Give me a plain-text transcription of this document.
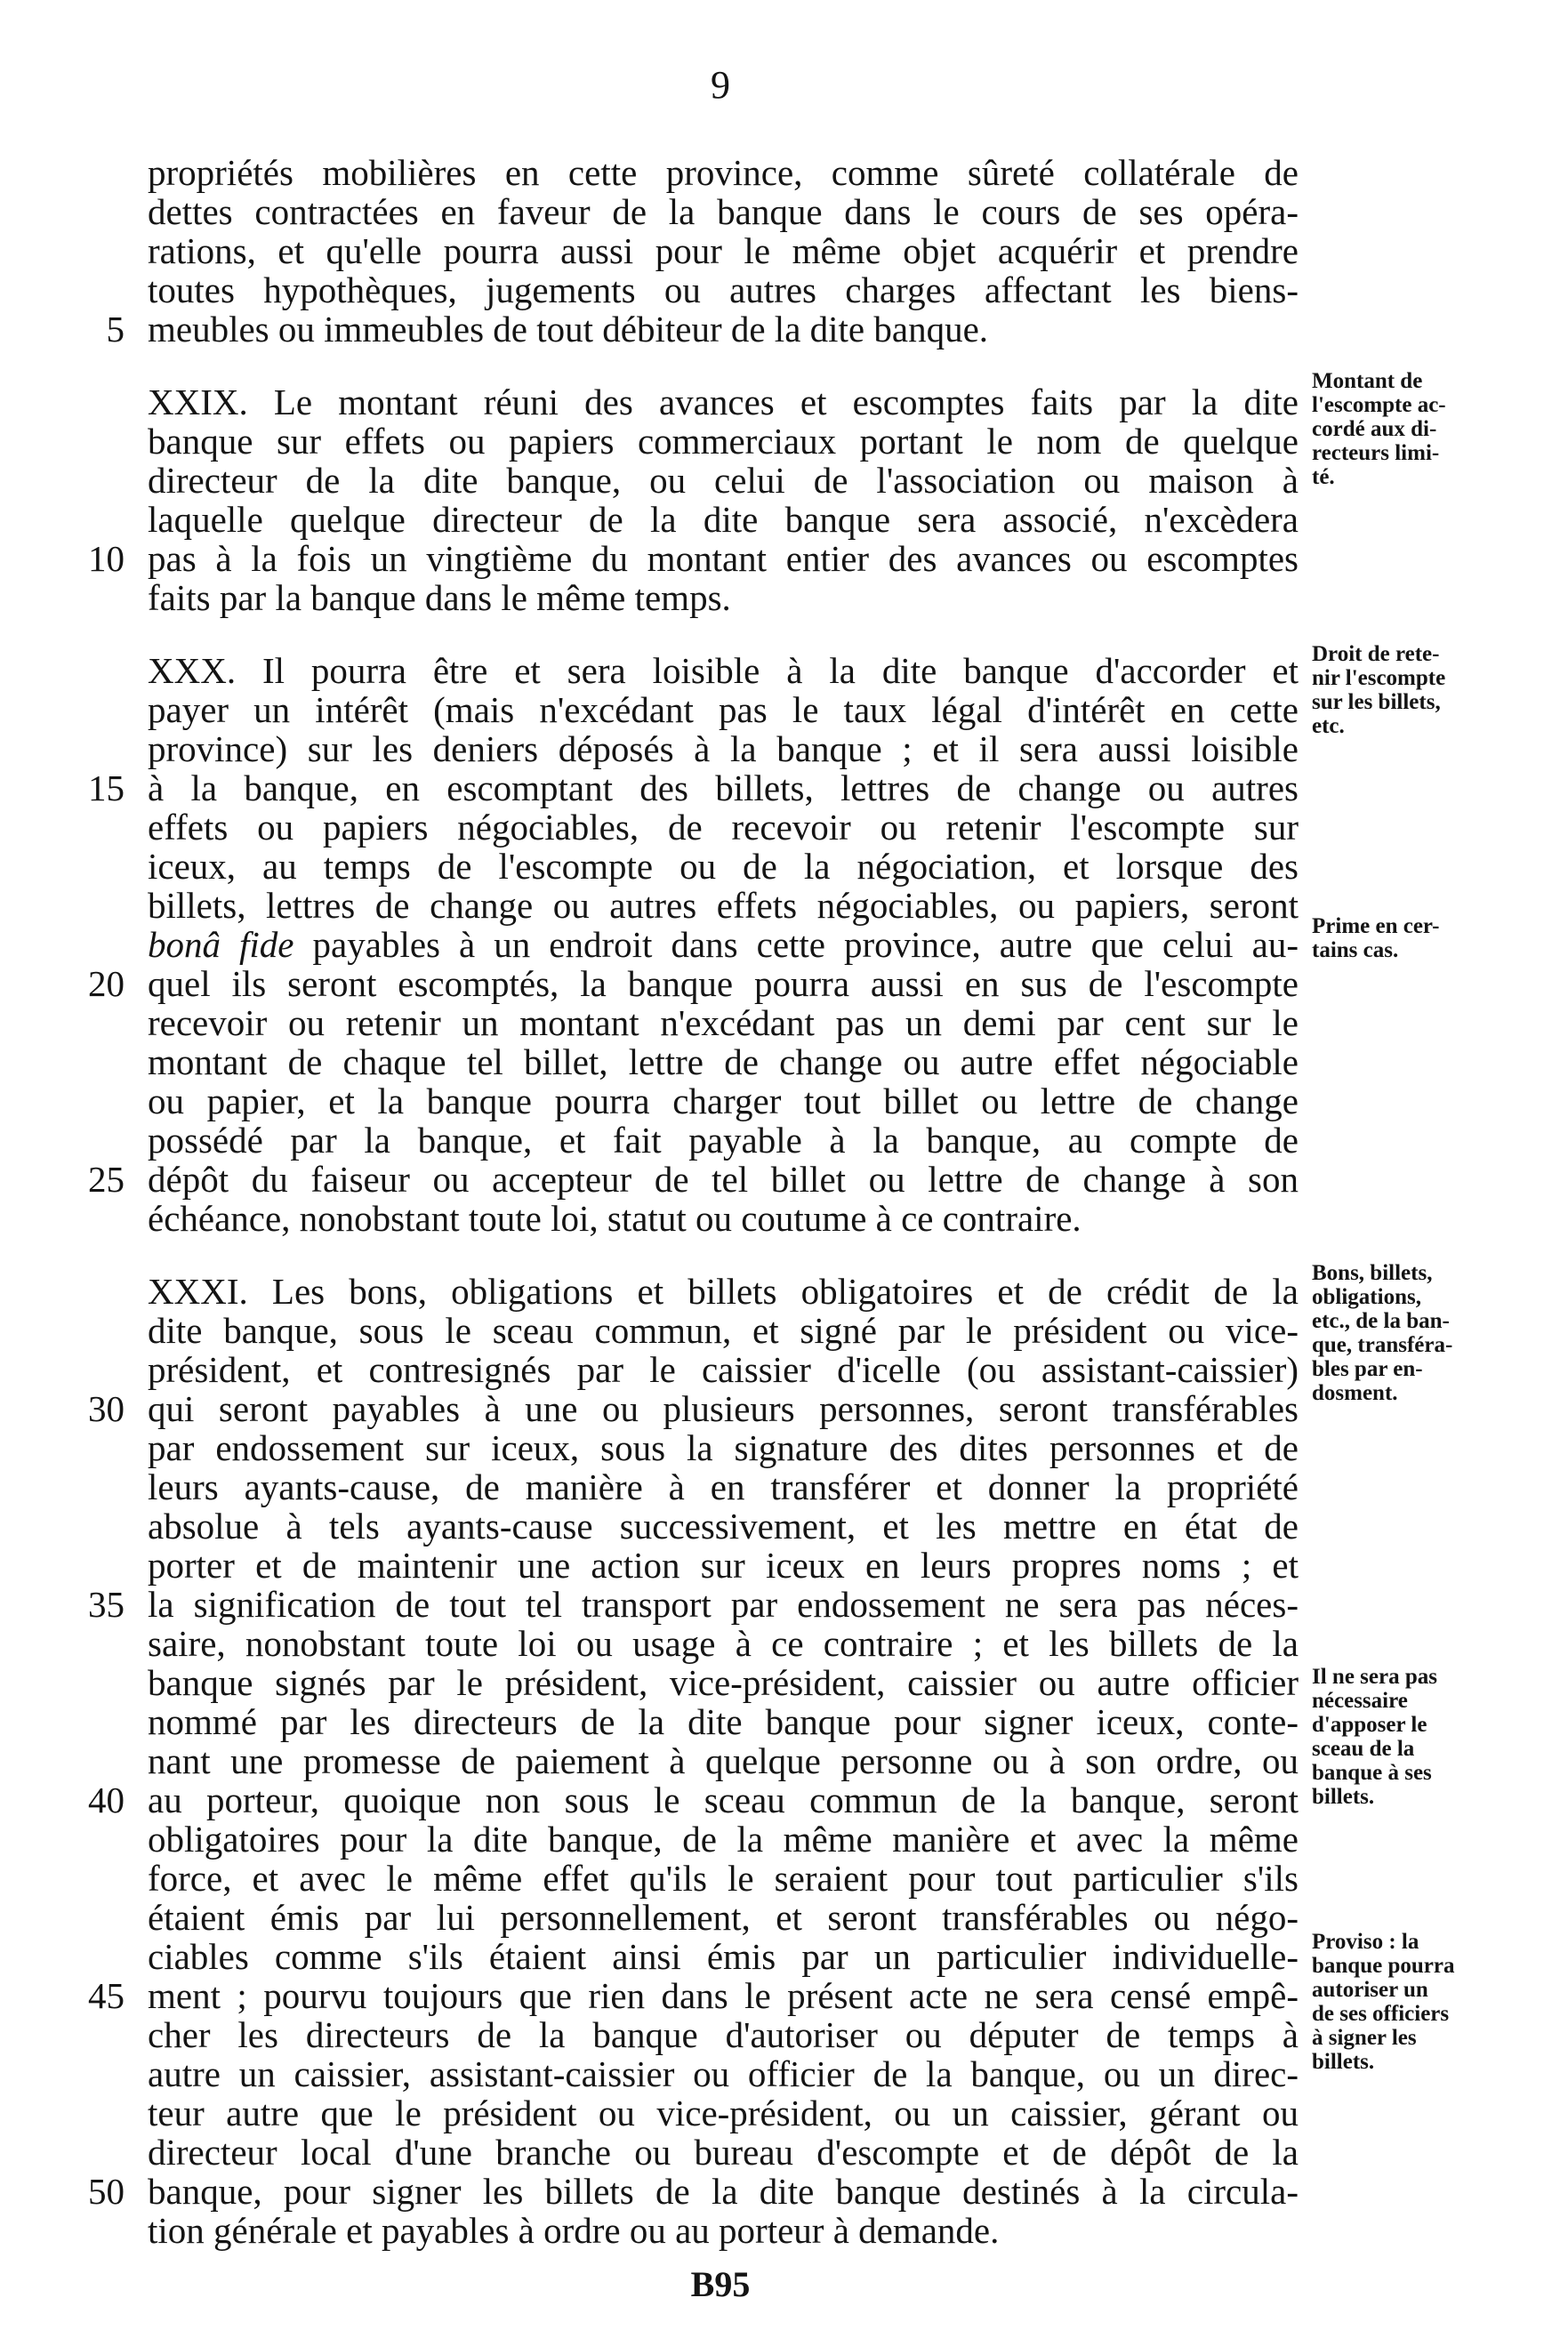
9
propriétés mobilières en cette province, comme sûreté collatérale de
dettes contractées en faveur de la banque dans le cours de ses opéra-
rations, et qu'elle pourra aussi pour le même objet acquérir et prendre
toutes hypothèques, jugements ou autres charges affectant les biens-
meubles ou immeubles de tout débiteur de la dite banque.
5
XXIX. Le montant réuni des avances et escomptes faits par la dite
banque sur effets ou papiers commerciaux portant le nom de quelque
directeur de la dite banque, ou celui de l'association ou maison à
laquelle quelque directeur de la dite banque sera associé, n'excèdera
pas à la fois un vingtième du montant entier des avances ou escomptes
10
faits par la banque dans le même temps.
XXX. Il pourra être et sera loisible à la dite banque d'accorder et
payer un intérêt (mais n'excédant pas le taux légal d'intérêt en cette
province) sur les deniers déposés à la banque ; et il sera aussi loisible
à la banque, en escomptant des billets, lettres de change ou autres
15
effets ou papiers négociables, de recevoir ou retenir l'escompte sur
iceux, au temps de l'escompte ou de la négociation, et lorsque des
billets, lettres de change ou autres effets négociables, ou papiers, seront
bonâ fide payables à un endroit dans cette province, autre que celui au-
quel ils seront escomptés, la banque pourra aussi en sus de l'escompte
20
recevoir ou retenir un montant n'excédant pas un demi par cent sur le
montant de chaque tel billet, lettre de change ou autre effet négociable
ou papier, et la banque pourra charger tout billet ou lettre de change
possédé par la banque, et fait payable à la banque, au compte de
dépôt du faiseur ou accepteur de tel billet ou lettre de change à son
25
échéance, nonobstant toute loi, statut ou coutume à ce contraire.
XXXI. Les bons, obligations et billets obligatoires et de crédit de la
dite banque, sous le sceau commun, et signé par le président ou vice-
président, et contresignés par le caissier d'icelle (ou assistant-caissier)
qui seront payables à une ou plusieurs personnes, seront transférables
30
par endossement sur iceux, sous la signature des dites personnes et de
leurs ayants-cause, de manière à en transférer et donner la propriété
absolue à tels ayants-cause successivement, et les mettre en état de
porter et de maintenir une action sur iceux en leurs propres noms ; et
la signification de tout tel transport par endossement ne sera pas néces-
35
saire, nonobstant toute loi ou usage à ce contraire ; et les billets de la
banque signés par le président, vice-président, caissier ou autre officier
nommé par les directeurs de la dite banque pour signer iceux, conte-
nant une promesse de paiement à quelque personne ou à son ordre, ou
au porteur, quoique non sous le sceau commun de la banque, seront
40
obligatoires pour la dite banque, de la même manière et avec la même
force, et avec le même effet qu'ils le seraient pour tout particulier s'ils
étaient émis par lui personnellement, et seront transférables ou négo-
ciables comme s'ils étaient ainsi émis par un particulier individuelle-
ment ; pourvu toujours que rien dans le présent acte ne sera censé empê-
45
cher les directeurs de la banque d'autoriser ou députer de temps à
autre un caissier, assistant-caissier ou officier de la banque, ou un direc-
teur autre que le président ou vice-président, ou un caissier, gérant ou
directeur local d'une branche ou bureau d'escompte et de dépôt de la
banque, pour signer les billets de la dite banque destinés à la circula-
50
tion générale et payables à ordre ou au porteur à demande.
Montant de
l'escompte ac-
cordé aux di-
recteurs limi-
té.
Droit de rete-
nir l'escompte
sur les billets,
etc.
Prime en cer-
tains cas.
Bons, billets,
obligations,
etc., de la ban-
que, transféra-
bles par en-
dosment.
Il ne sera pas
nécessaire
d'apposer le
sceau de la
banque à ses
billets.
Proviso : la
banque pourra
autoriser un
de ses officiers
à signer les
billets.
B95
